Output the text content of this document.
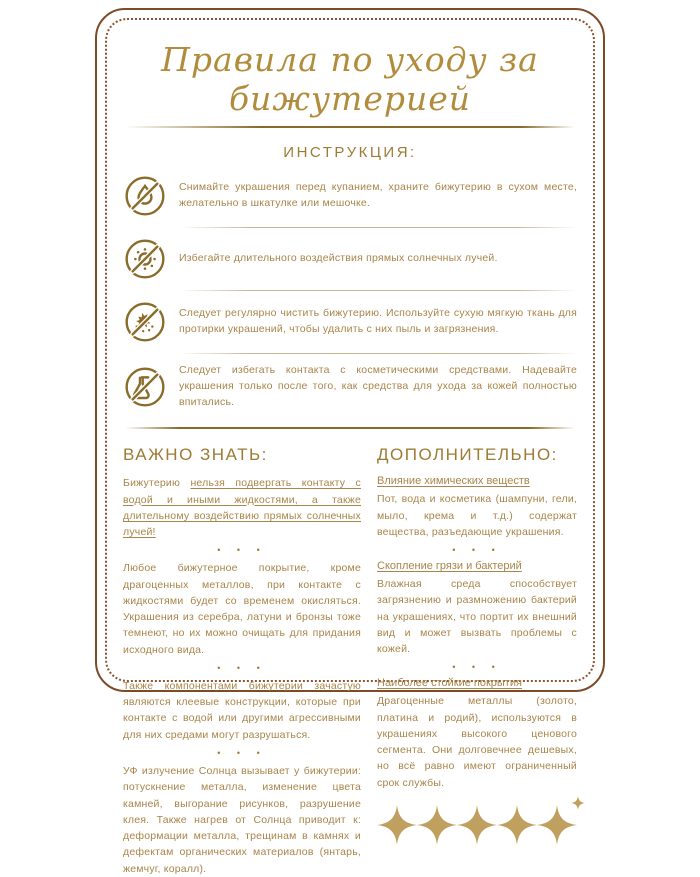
Правила по уходу за бижутерией
ИНСТРУКЦИЯ:

Снимайте украшения перед купанием, храните бижутерию в сухом месте, желательно в шкатулке или мешочке.

Избегайте длительного воздействия прямых солнечных лучей.

Следует регулярно чистить бижутерию. Используйте сухую мягкую ткань для протирки украшений, чтобы удалить с них пыль и загрязнения.

Следует избегать контакта с косметическими средствами. Надевайте украшения только после того, как средства для ухода за кожей полностью впитались.

ВАЖНО ЗНАТЬ:

Бижутерию нельзя подвергать контакту с водой и иными жидкостями, а также длительному воздействию прямых солнечных лучей!

• • •

Любое бижутерное покрытие, кроме драгоценных металлов, при контакте с жидкостями будет со временем окисляться. Украшения из серебра, латуни и бронзы тоже темнеют, но их можно очищать для придания исходного вида.

• • •

Также компонентами бижутерии зачастую являются клеевые конструкции, которые при контакте с водой или другими агрессивными для них средами могут разрушаться.

• • •

УФ излучение Солнца вызывает у бижутерии: потускнение металла, изменение цвета камней, выгорание рисунков, разрушение клея. Также нагрев от Солнца приводит к: деформации металла, трещинам в камнях и дефектам органических материалов (янтарь, жемчуг, коралл).

ДОПОЛНИТЕЛЬНО:

Влияние химических веществ

Пот, вода и косметика (шампуни, гели, мыло, крема и т.д.) содержат вещества, разъедающие украшения.

• • •

Скопление грязи и бактерий

Влажная среда способствует загрязнению и размножению бактерий на украшениях, что портит их внешний вид и может вызвать проблемы с кожей.

• • •

Наиболее стойкие покрытия

Драгоценные металлы (золото, платина и родий), используются в украшениях высокого ценового сегмента. Они долговечнее дешевых, но всё равно имеют ограниченный срок службы.
